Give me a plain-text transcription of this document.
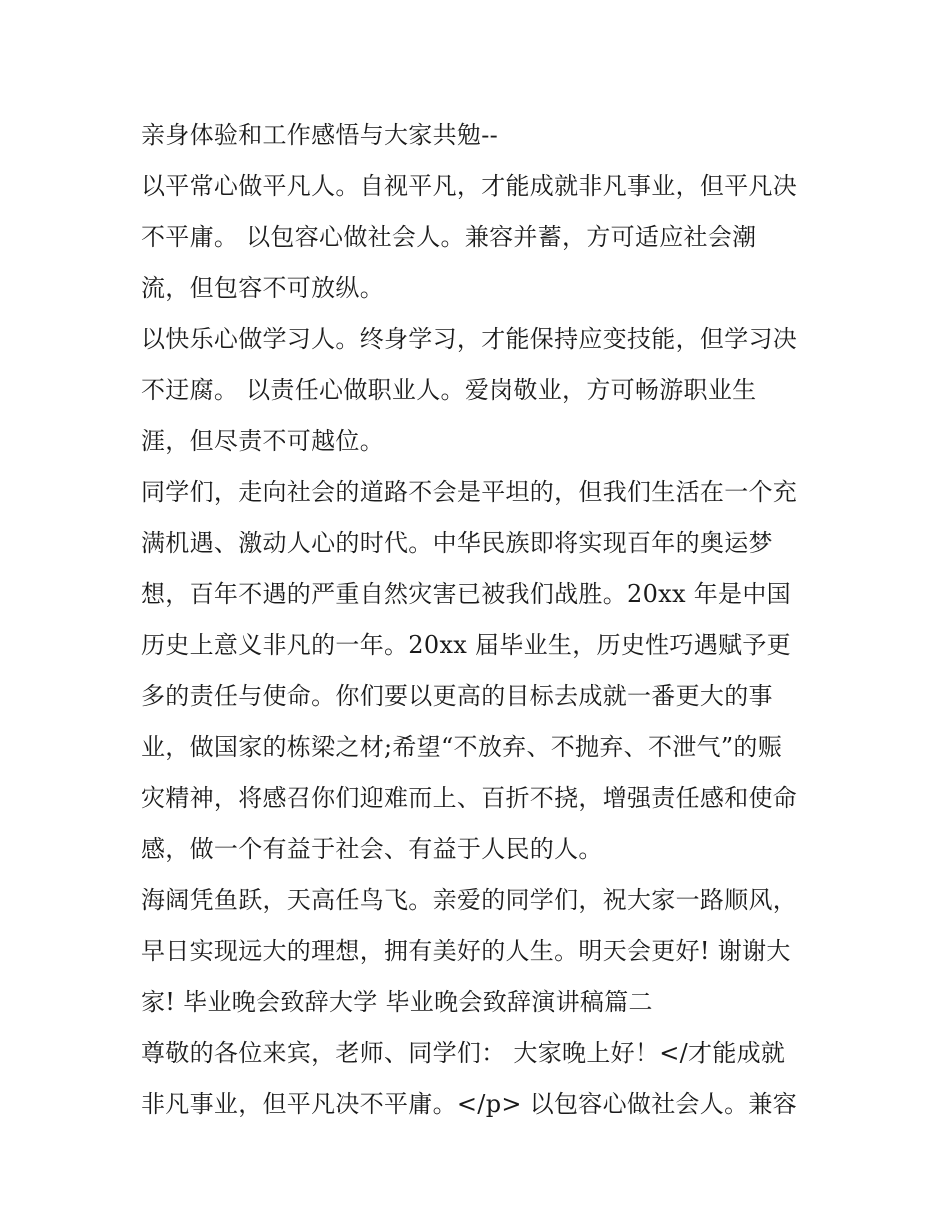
亲身体验和工作感悟与大家共勉--
以平常心做平凡人。自视平凡，才能成就非凡事业，但平凡决
不平庸。 以包容心做社会人。兼容并蓄，方可适应社会潮
流，但包容不可放纵。
以快乐心做学习人。终身学习，才能保持应变技能，但学习决
不迂腐。 以责任心做职业人。爱岗敬业，方可畅游职业生
涯，但尽责不可越位。
同学们，走向社会的道路不会是平坦的，但我们生活在一个充
满机遇、激动人心的时代。中华民族即将实现百年的奥运梦
想，百年不遇的严重自然灾害已被我们战胜。20xx 年是中国
历史上意义非凡的一年。20xx 届毕业生，历史性巧遇赋予更
多的责任与使命。你们要以更高的目标去成就一番更大的事
业，做国家的栋梁之材;希望“不放弃、不抛弃、不泄气”的赈
灾精神，将感召你们迎难而上、百折不挠，增强责任感和使命
感，做一个有益于社会、有益于人民的人。
海阔凭鱼跃，天高任鸟飞。亲爱的同学们，祝大家一路顺风，
早日实现远大的理想，拥有美好的人生。明天会更好! 谢谢大
家! 毕业晚会致辞大学 毕业晚会致辞演讲稿篇二
尊敬的各位来宾，老师、同学们： 大家晚上好！</才能成就
非凡事业，但平凡决不平庸。</p> 以包容心做社会人。兼容
